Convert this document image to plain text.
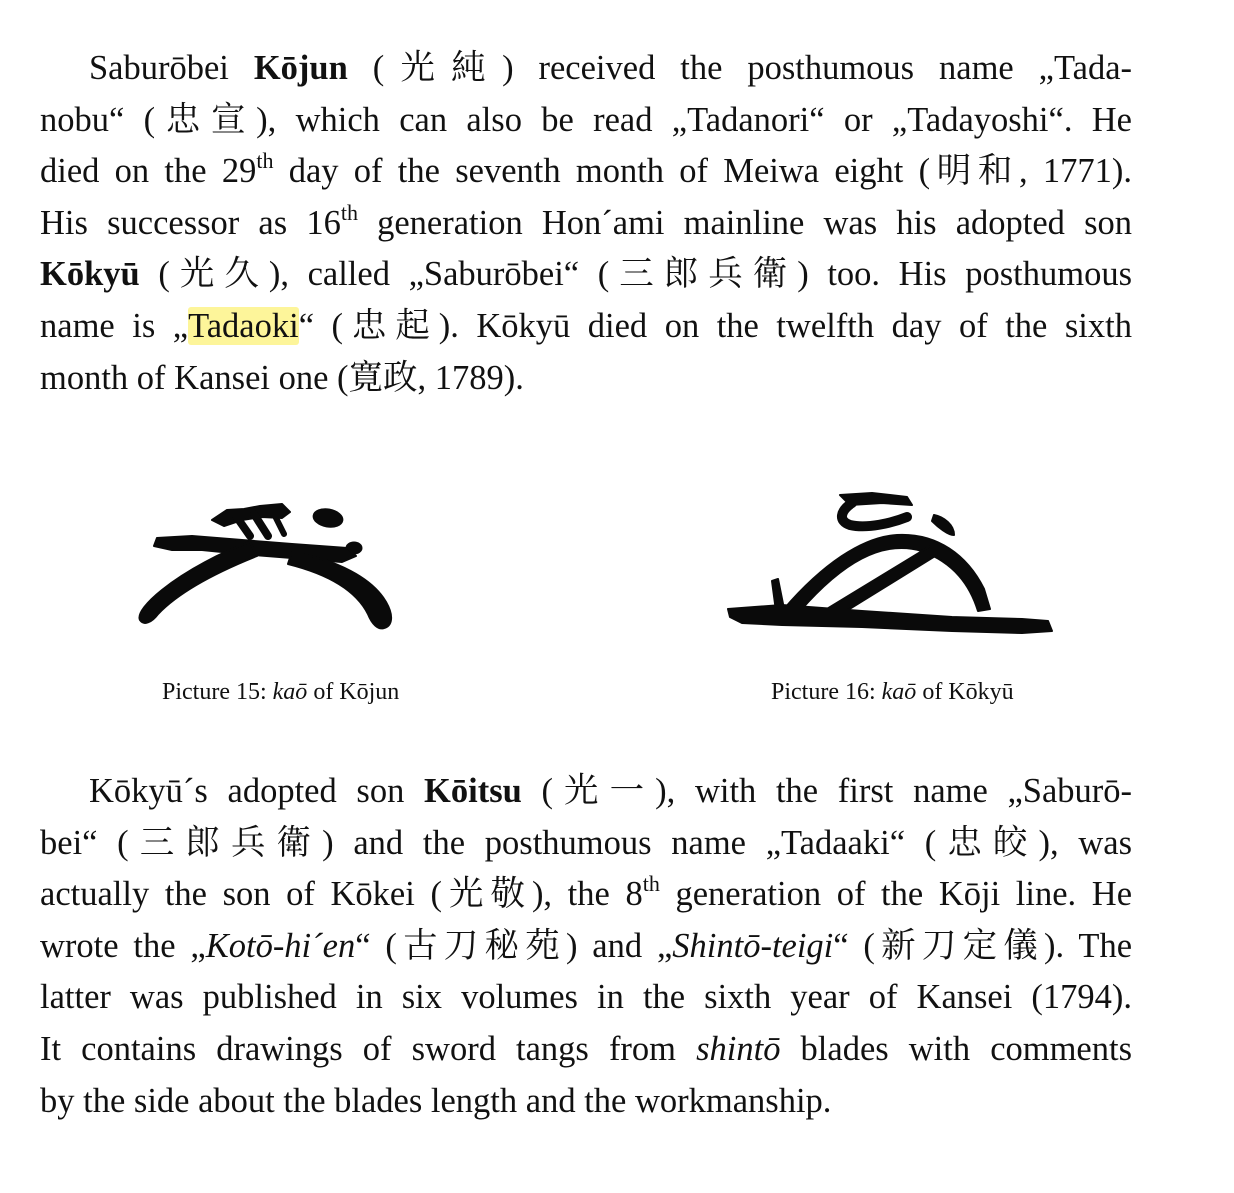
Saburōbei Kōjun (光純) received the posthumous name „Tada-
nobu“ (忠宣), which can also be read „Tadanori“ or „Tadayoshi“. He
died on the 29th day of the seventh month of Meiwa eight (明和, 1771).
His successor as 16th generation Hon´ami mainline was his adopted son
Kōkyū (光久), called „Saburōbei“ (三郎兵衛) too. His posthumous
name is „Tadaoki“ (忠起). Kōkyū died on the twelfth day of the sixth
month of Kansei one (寛政, 1789).
Picture 15: kaō of Kōjun	Picture 16: kaō of Kōkyū
Kōkyū´s adopted son Kōitsu (光一), with the first name „Saburō-
bei“ (三郎兵衛) and the posthumous name „Tadaaki“ (忠皎), was
actually the son of Kōkei (光敬), the 8th generation of the Kōji line. He
wrote the „Kotō-hi´en“ (古刀秘苑) and „Shintō-teigi“ (新刀定儀). The
latter was published in six volumes in the sixth year of Kansei (1794).
It contains drawings of sword tangs from shintō blades with comments
by the side about the blades length and the workmanship.
